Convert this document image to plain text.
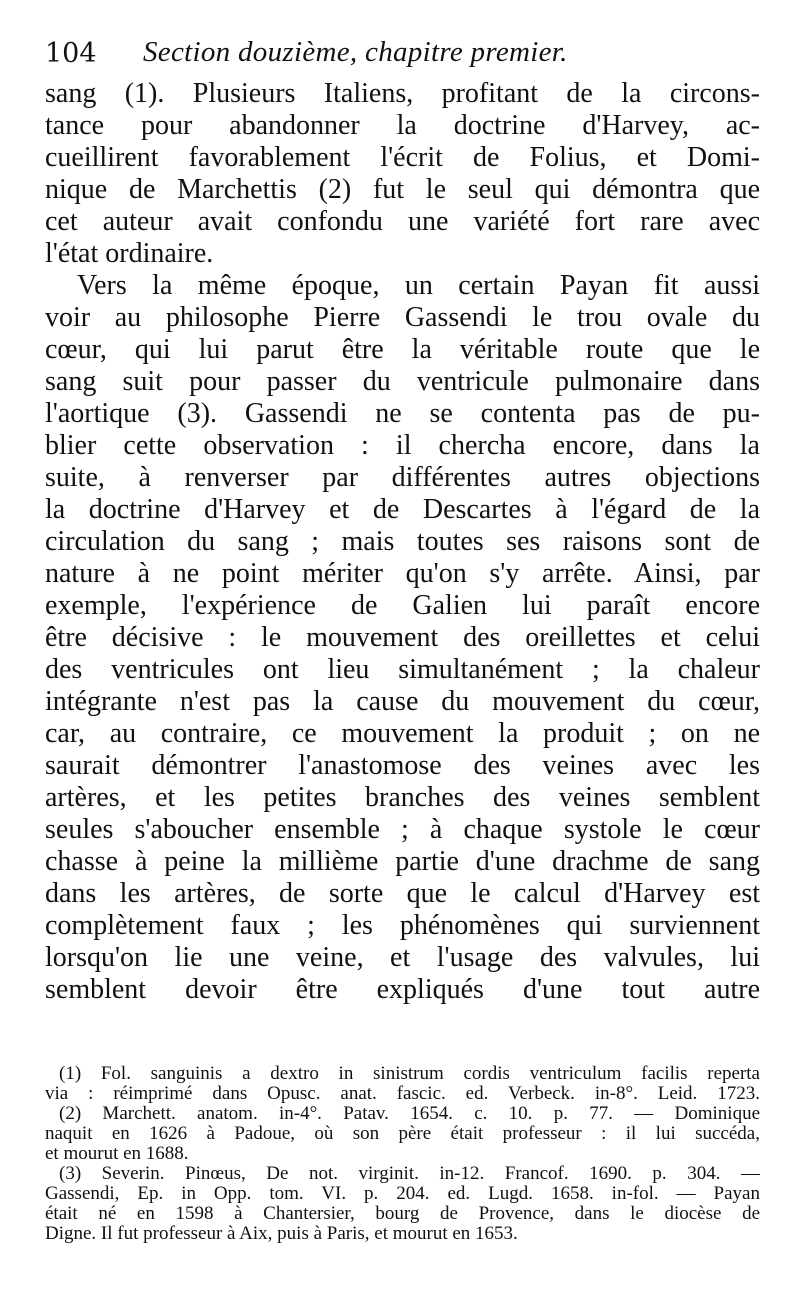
104 Section douzième, chapitre premier.
sang (1). Plusieurs Italiens, profitant de la circons-
tance pour abandonner la doctrine d'Harvey, ac-
cueillirent favorablement l'écrit de Folius, et Domi-
nique de Marchettis (2) fut le seul qui démontra que
cet auteur avait confondu une variété fort rare avec
l'état ordinaire.
Vers la même époque, un certain Payan fit aussi
voir au philosophe Pierre Gassendi le trou ovale du
cœur, qui lui parut être la véritable route que le
sang suit pour passer du ventricule pulmonaire dans
l'aortique (3). Gassendi ne se contenta pas de pu-
blier cette observation : il chercha encore, dans la
suite, à renverser par différentes autres objections
la doctrine d'Harvey et de Descartes à l'égard de la
circulation du sang ; mais toutes ses raisons sont de
nature à ne point mériter qu'on s'y arrête. Ainsi, par
exemple, l'expérience de Galien lui paraît encore
être décisive : le mouvement des oreillettes et celui
des ventricules ont lieu simultanément ; la chaleur
intégrante n'est pas la cause du mouvement du cœur,
car, au contraire, ce mouvement la produit ; on ne
saurait démontrer l'anastomose des veines avec les
artères, et les petites branches des veines semblent
seules s'aboucher ensemble ; à chaque systole le cœur
chasse à peine la millième partie d'une drachme de sang
dans les artères, de sorte que le calcul d'Harvey est
complètement faux ; les phénomènes qui surviennent
lorsqu'on lie une veine, et l'usage des valvules, lui
semblent devoir être expliqués d'une tout autre
(1) Fol. sanguinis a dextro in sinistrum cordis ventriculum facilis reperta
via : réimprimé dans Opusc. anat. fascic. ed. Verbeck. in-8°. Leid. 1723.
(2) Marchett. anatom. in-4°. Patav. 1654. c. 10. p. 77. — Dominique
naquit en 1626 à Padoue, où son père était professeur : il lui succéda,
et mourut en 1688.
(3) Severin. Pinœus, De not. virginit. in-12. Francof. 1690. p. 304. —
Gassendi, Ep. in Opp. tom. VI. p. 204. ed. Lugd. 1658. in-fol. — Payan
était né en 1598 à Chantersier, bourg de Provence, dans le diocèse de
Digne. Il fut professeur à Aix, puis à Paris, et mourut en 1653.
